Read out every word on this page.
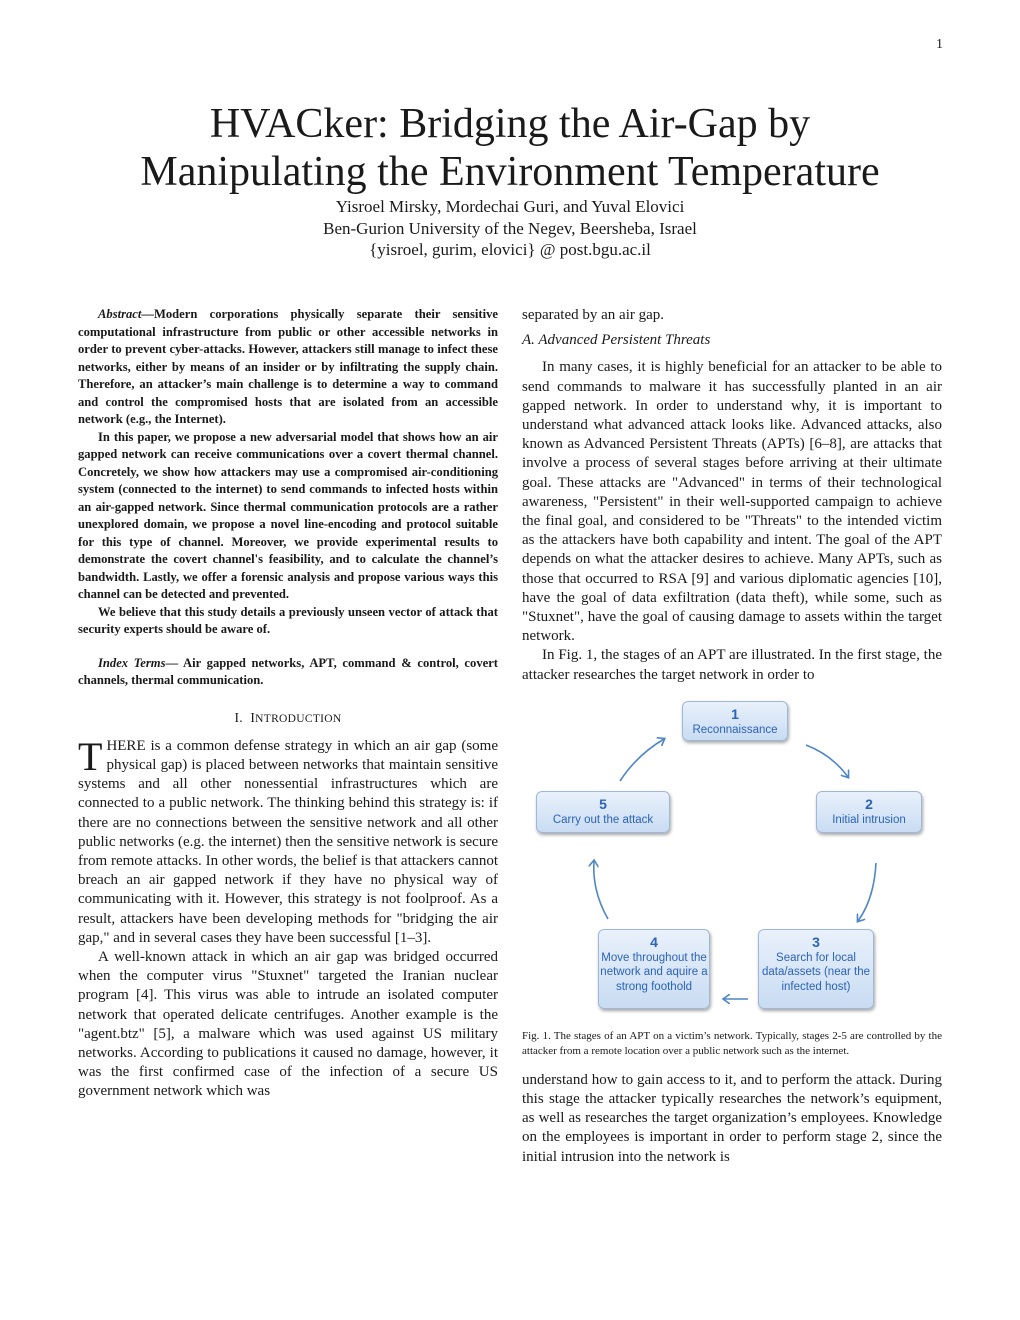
1
HVACker: Bridging the Air-Gap by
Manipulating the Environment Temperature
Yisroel Mirsky, Mordechai Guri, and Yuval Elovici
Ben-Gurion University of the Negev, Beersheba, Israel
{yisroel, gurim, elovici} @ post.bgu.ac.il

Abstract—Modern corporations physically separate their sensitive computational infrastructure from public or other accessible networks in order to prevent cyber-attacks. However, attackers still manage to infect these networks, either by means of an insider or by infiltrating the supply chain. Therefore, an attacker’s main challenge is to determine a way to command and control the compromised hosts that are isolated from an accessible network (e.g., the Internet).

In this paper, we propose a new adversarial model that shows how an air gapped network can receive communications over a covert thermal channel. Concretely, we show how attackers may use a compromised air-conditioning system (connected to the internet) to send commands to infected hosts within an air-gapped network. Since thermal communication protocols are a rather unexplored domain, we propose a novel line-encoding and protocol suitable for this type of channel. Moreover, we provide experimental results to demonstrate the covert channel's feasibility, and to calculate the channel’s bandwidth. Lastly, we offer a forensic analysis and propose various ways this channel can be detected and prevented.

We believe that this study details a previously unseen vector of attack that security experts should be aware of.

Index Terms— Air gapped networks, APT, command & control, covert channels, thermal communication.
I. INTRODUCTION

THERE is a common defense strategy in which an air gap (some physical gap) is placed between networks that maintain sensitive systems and all other nonessential infrastructures which are connected to a public network. The thinking behind this strategy is: if there are no connections between the sensitive network and all other public networks (e.g. the internet) then the sensitive network is secure from remote attacks. In other words, the belief is that attackers cannot breach an air gapped network if they have no physical way of communicating with it. However, this strategy is not foolproof. As a result, attackers have been developing methods for "bridging the air gap," and in several cases they have been successful [1–3].

A well-known attack in which an air gap was bridged occurred when the computer virus "Stuxnet" targeted the Iranian nuclear program [4]. This virus was able to intrude an isolated computer network that operated delicate centrifuges. Another example is the "agent.btz" [5], a malware which was used against US military networks. According to publications it caused no damage, however, it was the first confirmed case of the infection of a secure US government network which was

separated by an air gap.

A. Advanced Persistent Threats

In many cases, it is highly beneficial for an attacker to be able to send commands to malware it has successfully planted in an air gapped network. In order to understand why, it is important to understand what advanced attack looks like. Advanced attacks, also known as Advanced Persistent Threats (APTs) [6–8], are attacks that involve a process of several stages before arriving at their ultimate goal. These attacks are "Advanced" in terms of their technological awareness, "Persistent" in their well-supported campaign to achieve the final goal, and considered to be "Threats" to the intended victim as the attackers have both capability and intent. The goal of the APT depends on what the attacker desires to achieve. Many APTs, such as those that occurred to RSA [9] and various diplomatic agencies [10], have the goal of data exfiltration (data theft), while some, such as "Stuxnet", have the goal of causing damage to assets within the target network.

In Fig. 1, the stages of an APT are illustrated. In the first stage, the attacker researches the target network in order to

1
Reconnaissance
2
Initial intrusion
3
Search for local data/assets (near the infected host)
4
Move throughout the network and aquire a strong foothold
5
Carry out the attack

Fig. 1. The stages of an APT on a victim’s network. Typically, stages 2-5 are controlled by the attacker from a remote location over a public network such as the internet.

understand how to gain access to it, and to perform the attack. During this stage the attacker typically researches the network’s equipment, as well as researches the target organization’s employees. Knowledge on the employees is important in order to perform stage 2, since the initial intrusion into the network is
